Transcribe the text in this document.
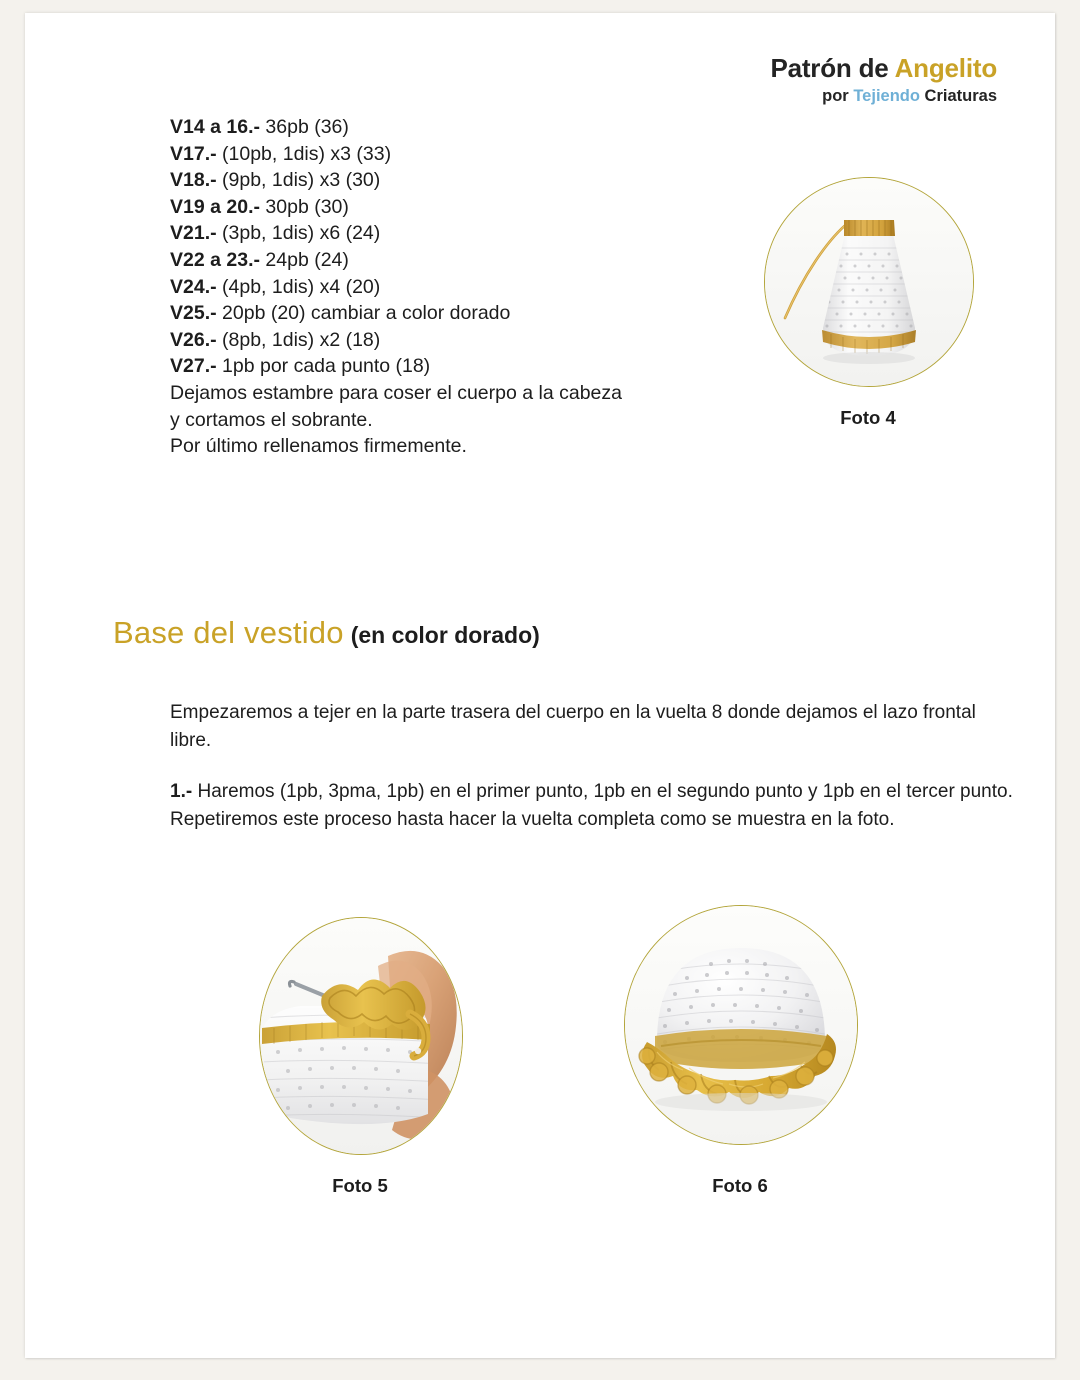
Patrón de Angelito
por Tejiendo Criaturas
V14 a 16.- 36pb (36)
V17.- (10pb, 1dis) x3 (33)
V18.- (9pb, 1dis) x3 (30)
V19 a 20.- 30pb (30)
V21.- (3pb, 1dis) x6 (24)
V22 a 23.- 24pb (24)
V24.- (4pb, 1dis) x4 (20)
V25.- 20pb (20) cambiar a color dorado
V26.- (8pb, 1dis) x2 (18)
V27.- 1pb por cada punto (18)
Dejamos estambre para coser el cuerpo a la cabeza
y cortamos el sobrante.
Por último rellenamos firmemente.
Base del vestido (en color dorado)
Empezaremos a tejer en la parte trasera del cuerpo en la vuelta 8 donde dejamos el lazo frontal libre.
1.- Haremos (1pb, 3pma, 1pb) en el primer punto, 1pb en el segundo punto y 1pb en el tercer punto. Repetiremos este proceso hasta hacer la vuelta completa como se muestra en la foto.
Foto 4
Foto 5	Foto 6
